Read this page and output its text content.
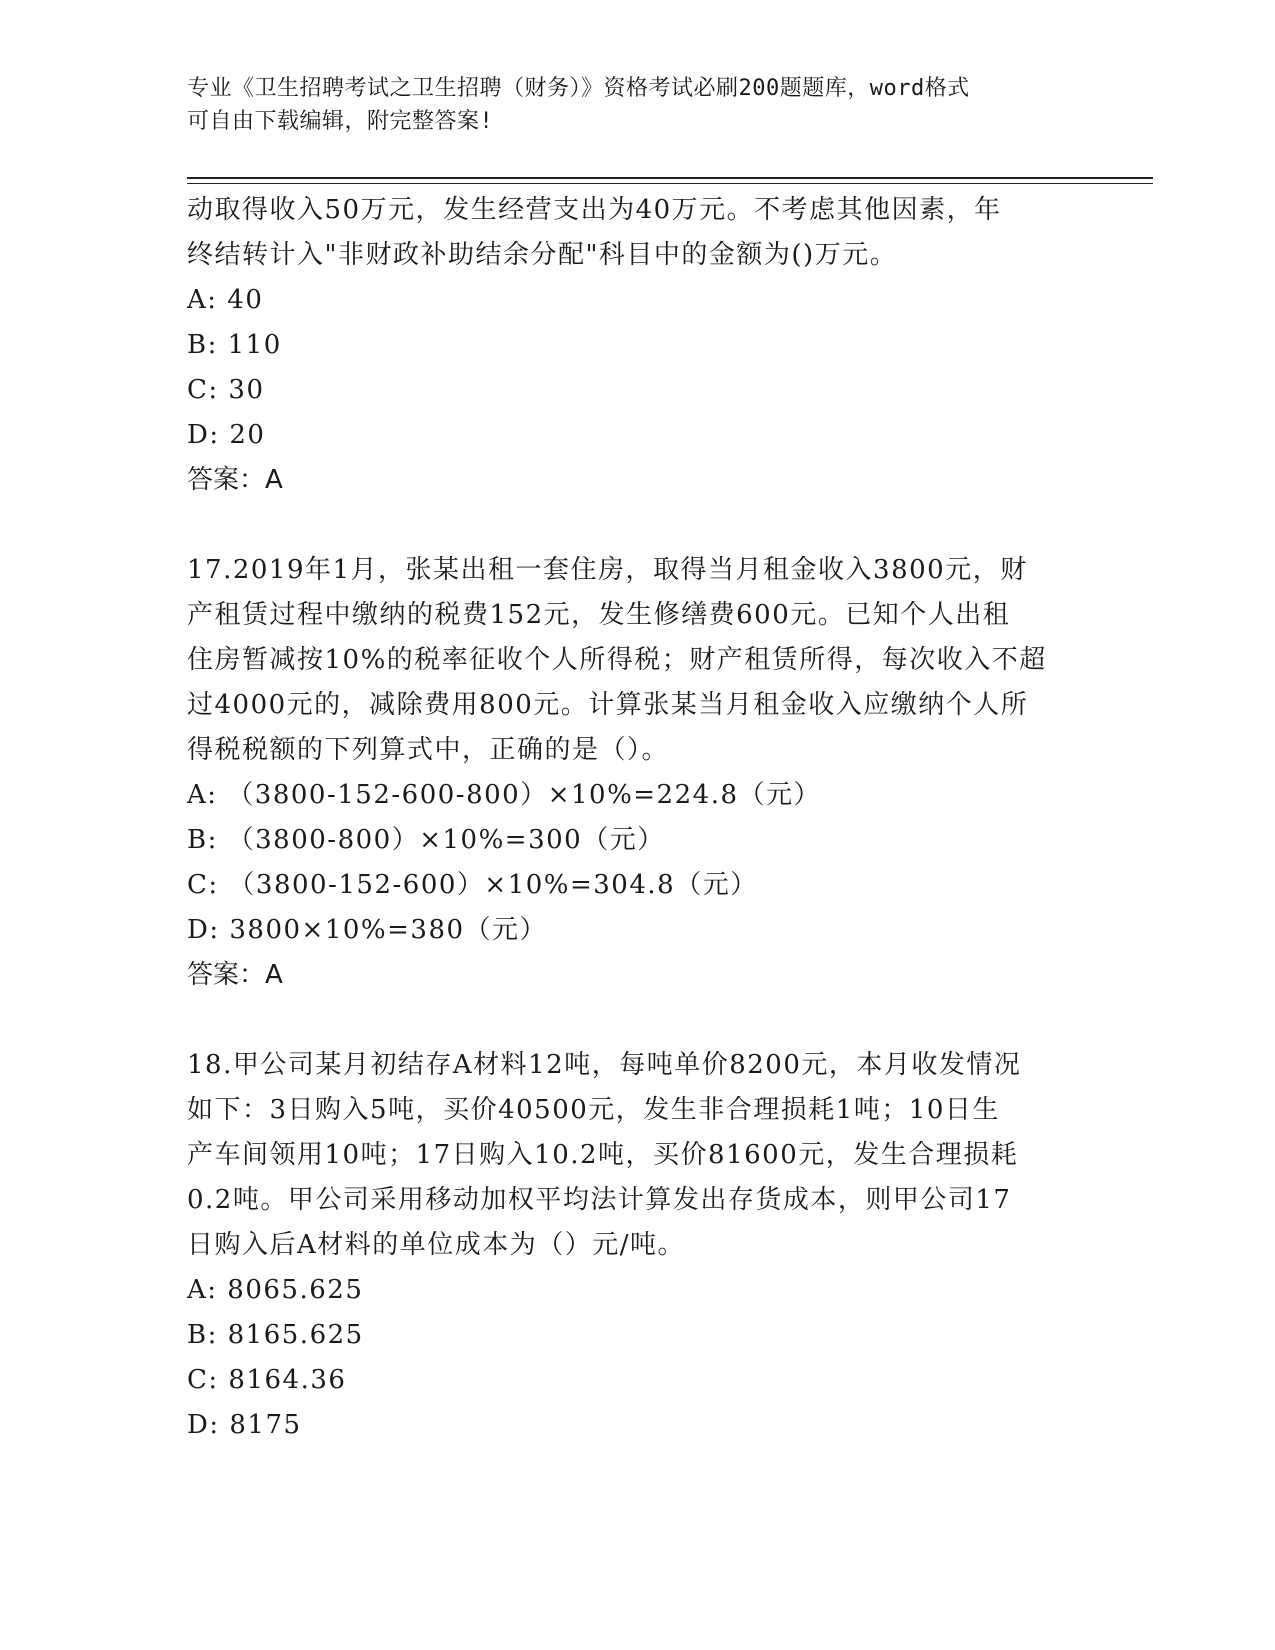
专业《卫生招聘考试之卫生招聘（财务）》资格考试必刷200题题库，word格式
可自由下载编辑，附完整答案!
动取得收入50万元，发生经营支出为40万元。不考虑其他因素，年
终结转计入"非财政补助结余分配"科目中的金额为()万元。
A: 40
B: 110
C: 30
D: 20
答案：A
17.2019年1月，张某出租一套住房，取得当月租金收入3800元，财
产租赁过程中缴纳的税费152元，发生修缮费600元。已知个人出租
住房暂减按10%的税率征收个人所得税；财产租赁所得，每次收入不超
过4000元的，减除费用800元。计算张某当月租金收入应缴纳个人所
得税税额的下列算式中，正确的是（）。
A: （3800-152-600-800）×10%=224.8（元）
B: （3800-800）×10%=300（元）
C: （3800-152-600）×10%=304.8（元）
D: 3800×10%=380（元）
答案：A
18.甲公司某月初结存A材料12吨，每吨单价8200元，本月收发情况
如下：3日购入5吨，买价40500元，发生非合理损耗1吨；10日生
产车间领用10吨；17日购入10.2吨，买价81600元，发生合理损耗
0.2吨。甲公司采用移动加权平均法计算发出存货成本，则甲公司17
日购入后A材料的单位成本为（）元/吨。
A: 8065.625
B: 8165.625
C: 8164.36
D: 8175
